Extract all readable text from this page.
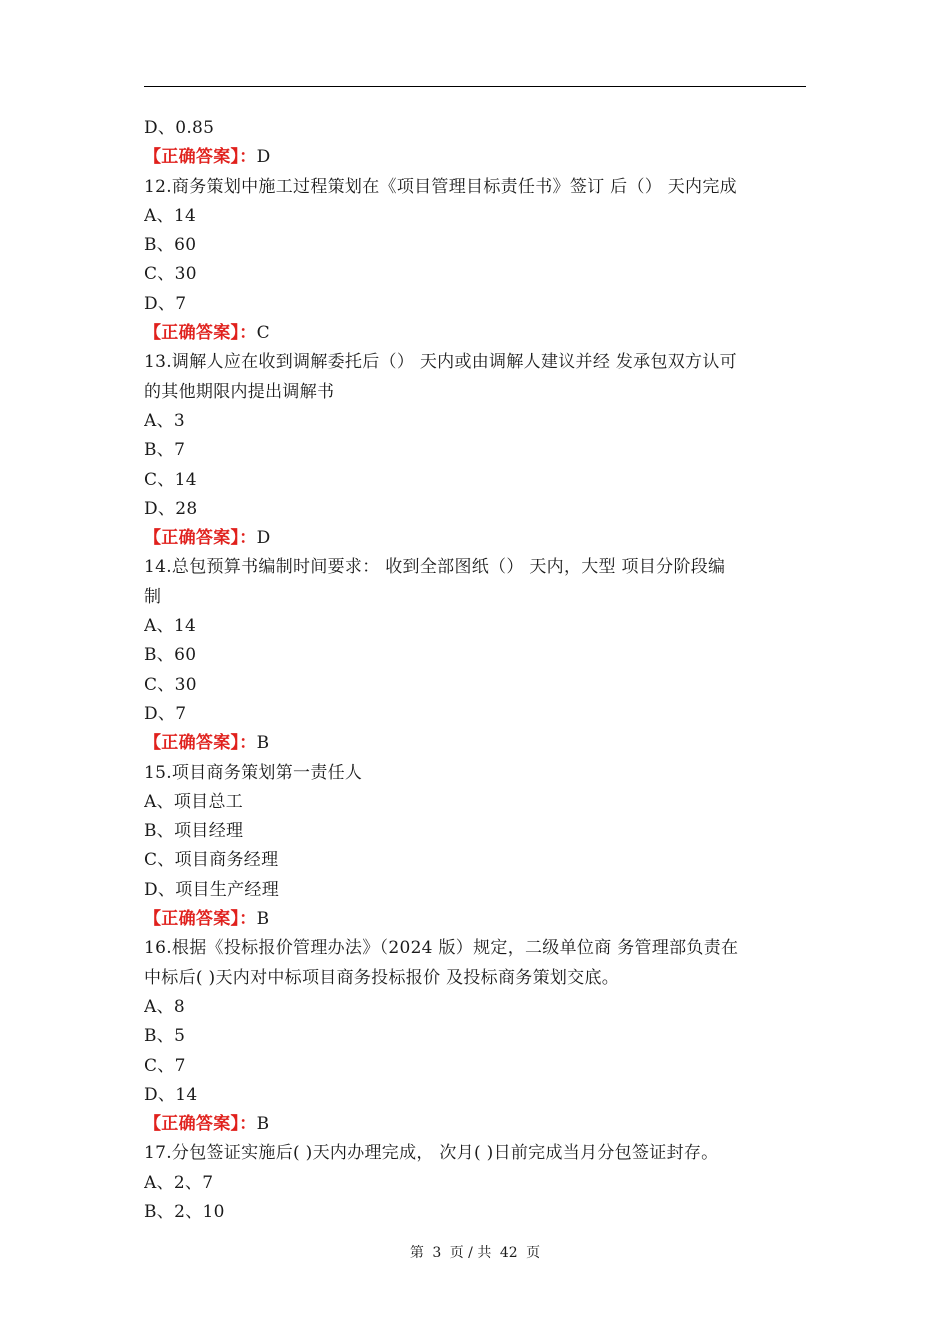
D、0.85
【正确答案】：D
12.商务策划中施工过程策划在《项目管理目标责任书》签订 后（） 天内完成
A、14
B、60
C、30
D、7
【正确答案】：C
13.调解人应在收到调解委托后（） 天内或由调解人建议并经 发承包双方认可
的其他期限内提出调解书
A、3
B、7
C、14
D、28
【正确答案】：D
14.总包预算书编制时间要求： 收到全部图纸（） 天内，大型 项目分阶段编
制
A、14
B、60
C、30
D、7
【正确答案】：B
15.项目商务策划第一责任人
A、项目总工
B、项目经理
C、项目商务经理
D、项目生产经理
【正确答案】：B
16.根据《投标报价管理办法》（2024 版）规定，二级单位商 务管理部负责在
中标后( )天内对中标项目商务投标报价 及投标商务策划交底。
A、8
B、5
C、7
D、14
【正确答案】：B
17.分包签证实施后( )天内办理完成， 次月( )日前完成当月分包签证封存。
A、2、7
B、2、10
第 3 页 / 共 42 页
